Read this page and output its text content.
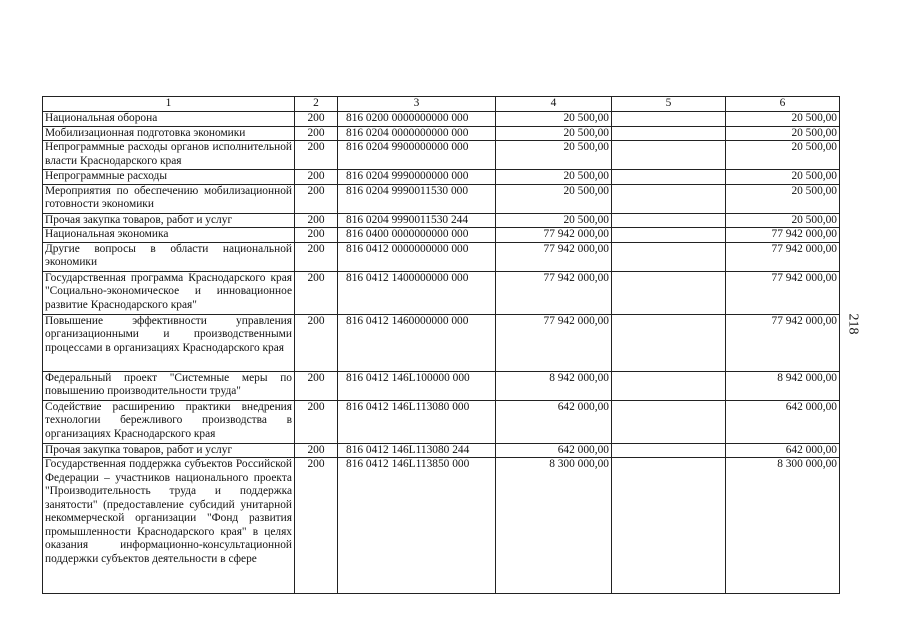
1	2	3	4	5	6
Национальная оборона	200	816 0200 0000000000 000	20 500,00		20 500,00
Мобилизационная подготовка экономики	200	816 0204 0000000000 000	20 500,00		20 500,00
Непрограммные расходы органов исполнительной власти Краснодарского края	200	816 0204 9900000000 000	20 500,00		20 500,00
Непрограммные расходы	200	816 0204 9990000000 000	20 500,00		20 500,00
Мероприятия по обеспечению мобилизационной готовности экономики	200	816 0204 9990011530 000	20 500,00		20 500,00
Прочая закупка товаров, работ и услуг	200	816 0204 9990011530 244	20 500,00		20 500,00
Национальная экономика	200	816 0400 0000000000 000	77 942 000,00		77 942 000,00
Другие вопросы в области национальной экономики	200	816 0412 0000000000 000	77 942 000,00		77 942 000,00
Государственная программа Краснодарского края "Социально-экономическое и инновационное развитие Краснодарского края"	200	816 0412 1400000000 000	77 942 000,00		77 942 000,00
Повышение эффективности управления организационными и производственными процессами в организациях Краснодарского края	200	816 0412 1460000000 000	77 942 000,00		77 942 000,00
Федеральный проект "Системные меры по повышению производительности труда"	200	816 0412 146L100000 000	8 942 000,00		8 942 000,00
Содействие расширению практики внедрения технологии бережливого производства в организациях Краснодарского края	200	816 0412 146L113080 000	642 000,00		642 000,00
Прочая закупка товаров, работ и услуг	200	816 0412 146L113080 244	642 000,00		642 000,00
Государственная поддержка субъектов Российской Федерации – участников национального проекта "Производительность труда и поддержка занятости" (предоставление субсидий унитарной некоммерческой организации "Фонд развития промышленности Краснодарского края" в целях оказания информационно-консультационной поддержки субъектов деятельности в сфере	200	816 0412 146L113850 000	8 300 000,00		8 300 000,00
218
